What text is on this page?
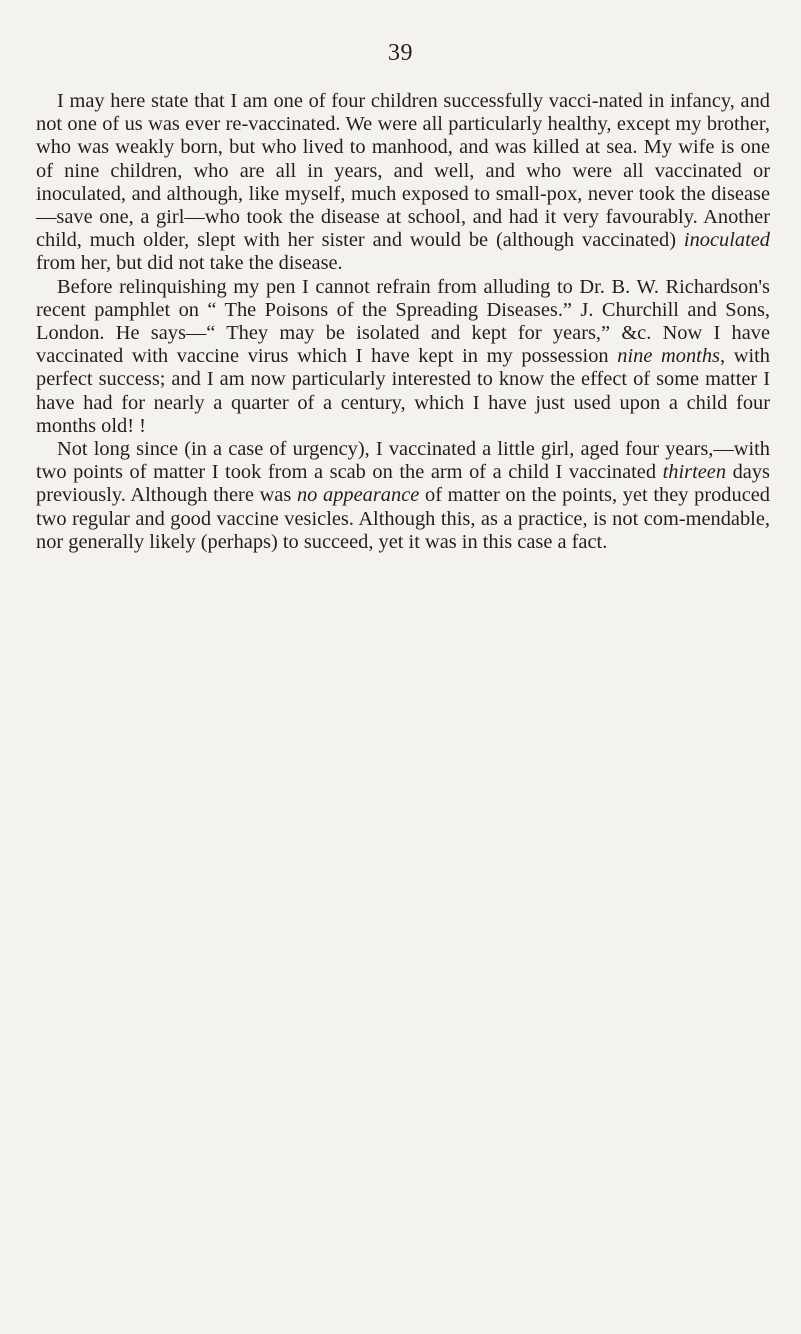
39

I may here state that I am one of four children successfully vacci-nated in infancy, and not one of us was ever re-vaccinated. We were all particularly healthy, except my brother, who was weakly born, but who lived to manhood, and was killed at sea. My wife is one of nine children, who are all in years, and well, and who were all vaccinated or inoculated, and although, like myself, much exposed to small-pox, never took the disease—save one, a girl—who took the disease at school, and had it very favourably. Another child, much older, slept with her sister and would be (although vaccinated) inoculated from her, but did not take the disease.

Before relinquishing my pen I cannot refrain from alluding to Dr. B. W. Richardson's recent pamphlet on “ The Poisons of the Spreading Diseases.” J. Churchill and Sons, London. He says—“ They may be isolated and kept for years,” &c. Now I have vaccinated with vaccine virus which I have kept in my possession nine months, with perfect success; and I am now particularly interested to know the effect of some matter I have had for nearly a quarter of a century, which I have just used upon a child four months old! !

Not long since (in a case of urgency), I vaccinated a little girl, aged four years,—with two points of matter I took from a scab on the arm of a child I vaccinated thirteen days previously. Although there was no appearance of matter on the points, yet they produced two regular and good vaccine vesicles. Although this, as a practice, is not com-mendable, nor generally likely (perhaps) to succeed, yet it was in this case a fact.
